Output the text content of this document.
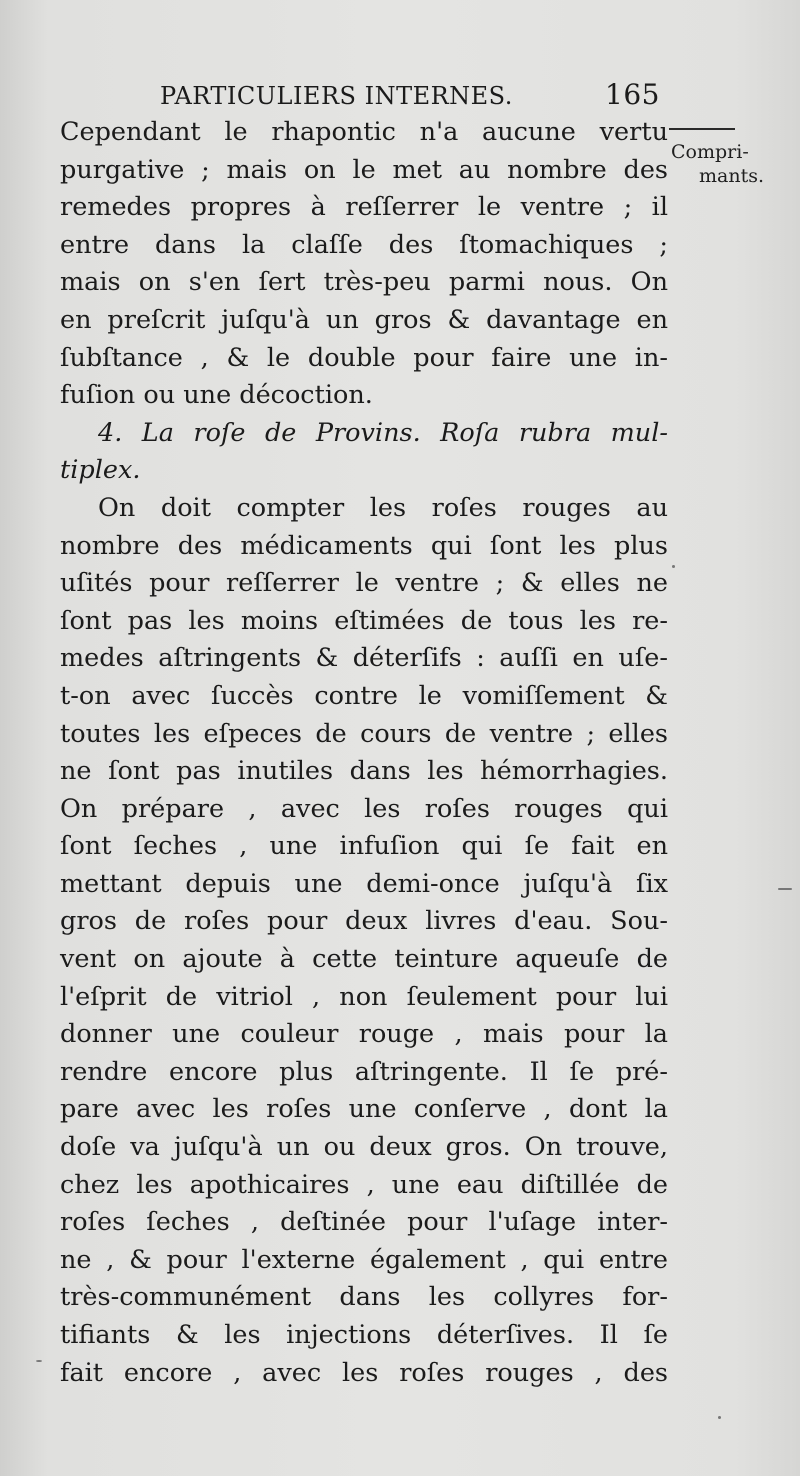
PARTICULIERS INTERNES.	165
Compri-
mants.
Cependant le rhapontic n'a aucune vertu
purgative ; mais on le met au nombre des
remedes propres à reſſerrer le ventre ; il
entre dans la claſſe des ſtomachiques ;
mais on s'en ſert très-peu parmi nous. On
en preſcrit juſqu'à un gros & davantage en
ſubſtance , & le double pour faire une in-
fuſion ou une décoction.
4. La roſe de Provins. Roſa rubra mul-
tiplex.
On doit compter les roſes rouges au
nombre des médicaments qui ſont les plus
uſités pour reſſerrer le ventre ; & elles ne
ſont pas les moins eſtimées de tous les re-
medes aſtringents & déterſifs : auſſi en uſe-
t-on avec ſuccès contre le vomiſſement &
toutes les eſpeces de cours de ventre ; elles
ne ſont pas inutiles dans les hémorrhagies.
On prépare , avec les roſes rouges qui
ſont ſeches , une infuſion qui ſe fait en
mettant depuis une demi-once juſqu'à ſix
gros de roſes pour deux livres d'eau. Sou-
vent on ajoute à cette teinture aqueuſe de
l'eſprit de vitriol , non ſeulement pour lui
donner une couleur rouge , mais pour la
rendre encore plus aſtringente. Il ſe pré-
pare avec les roſes une conſerve , dont la
doſe va juſqu'à un ou deux gros. On trouve,
chez les apothicaires , une eau diſtillée de
roſes ſeches , deſtinée pour l'uſage inter-
ne , & pour l'externe également , qui entre
très-communément dans les collyres for-
tifiants & les injections déterſives. Il ſe
fait encore , avec les roſes rouges , des
